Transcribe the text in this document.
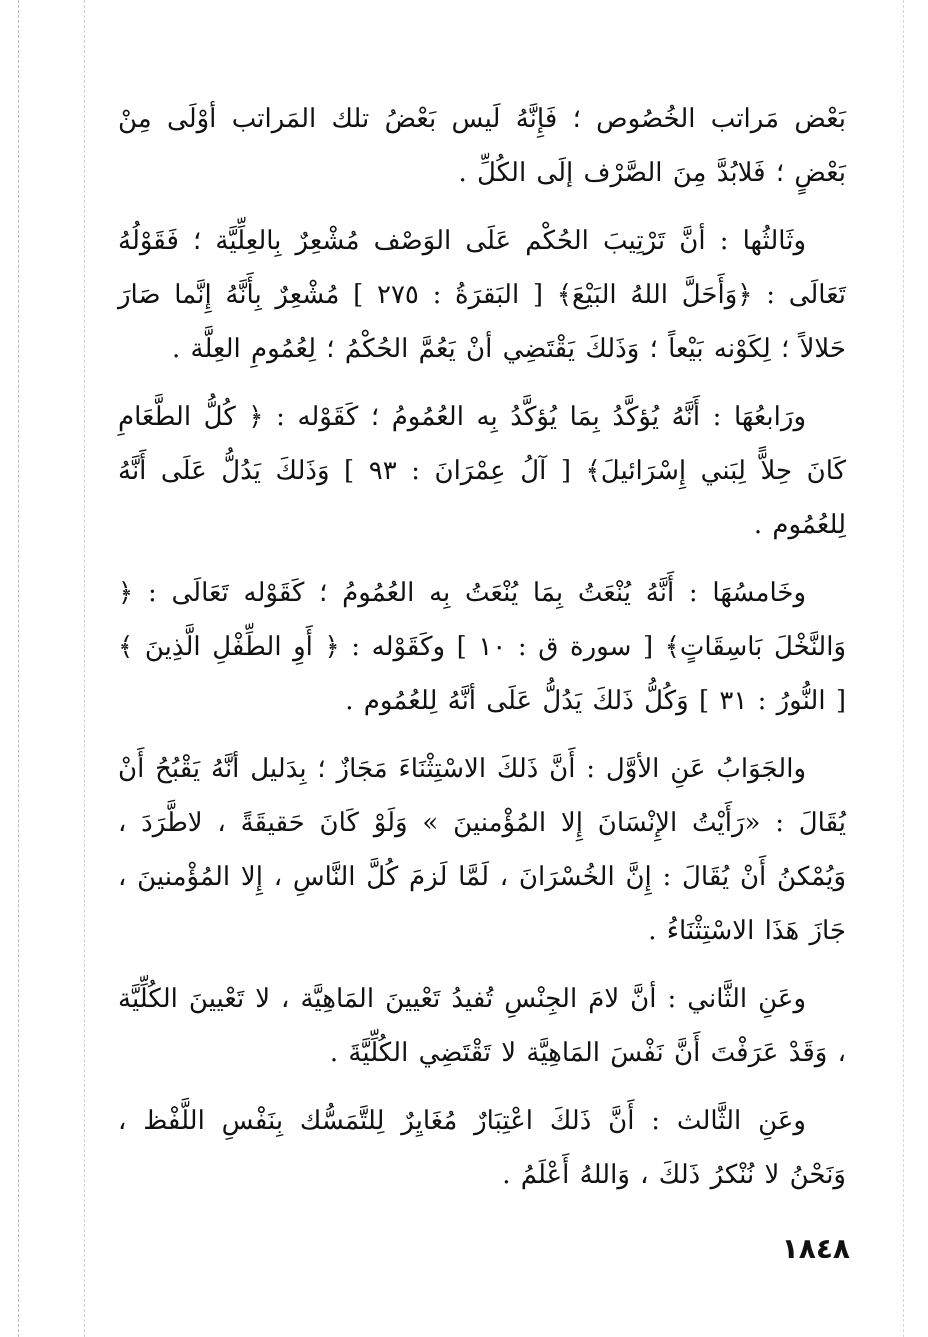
بَعْض مَراتب الخُصُوص ؛ فَإِنَّهُ لَيس بَعْضُ تلك المَراتب أوْلَى مِنْ بَعْضٍ ؛ فَلابُدَّ مِنَ الصَّرْف إلَى الكُلِّ .

وثَالثُها : أنَّ تَرْتِيبَ الحُكْم عَلَى الوَصْف مُشْعِرٌ بِالعِلِّيَّة ؛ فَقَوْلُهُ تَعَالَى : ﴿وَأَحَلَّ اللهُ البَيْعَ﴾ [ البَقرَةُ : ٢٧٥ ] مُشْعِرٌ بِأَنَّهُ إِنَّما صَارَ حَلالاً ؛ لِكَوْنه بَيْعاً ؛ وَذَلكَ يَقْتَضِي أنْ يَعُمَّ الحُكْمُ ؛ لِعُمُومِ العِلَّة .

ورَابعُهَا : أَنَّهُ يُؤكَّدُ بِمَا يُؤكَّدُ بِه العُمُومُ ؛ كَقَوْله : ﴿ كُلُّ الطَّعَامِ كَانَ حِلاًّ لِبَني إِسْرَائيلَ﴾ [ آلُ عِمْرَانَ : ٩٣ ] وَذَلكَ يَدُلُّ عَلَى أَنَّهُ لِلعُمُوم .

وخَامسُهَا : أَنَّهُ يُنْعَتُ بِمَا يُنْعَتُ بِه العُمُومُ ؛ كَقَوْله تَعَالَى : ﴿ وَالنَّخْلَ بَاسِقَاتٍ﴾ [ سورة ق : ١٠ ] وكَقَوْله : ﴿ أَوِ الطِّفْلِ الَّذِينَ ﴾ [ النُّورُ : ٣١ ] وَكُلُّ ذَلكَ يَدُلُّ عَلَى أنَّهُ لِلعُمُوم .

والجَوَابُ عَنِ الأوَّل : أَنَّ ذَلكَ الاسْتِثْنَاءَ مَجَازٌ ؛ بِدَليل أنَّهُ يَقْبُحُ أَنْ يُقَالَ : «رَأَيْتُ الإِنْسَانَ إِلا المُؤْمنينَ » وَلَوْ كَانَ حَقيقَةً ، لاطَّرَدَ ، وَيُمْكنُ أَنْ يُقَالَ : إِنَّ الخُسْرَانَ ، لَمَّا لَزمَ كُلَّ النَّاسِ ، إِلا المُؤْمنينَ ، جَازَ هَذَا الاسْتِثْنَاءُ .

وعَنِ الثَّاني : أنَّ لامَ الجِنْسِ تُفيدُ تَعْيينَ المَاهِيَّة ، لا تَعْيينَ الكُلِّيَّة ، وَقَدْ عَرَفْتَ أَنَّ نَفْسَ المَاهِيَّة لا تَقْتَضِي الكُلِّيَّةَ .

وعَنِ الثَّالث : أَنَّ ذَلكَ اعْتِبَارٌ مُغَايِرٌ لِلتَّمَسُّك بِنَفْسِ اللَّفْظ ، وَنَحْنُ لا نُنْكرُ ذَلكَ ، وَاللهُ أَعْلَمُ .

١٨٤٨
